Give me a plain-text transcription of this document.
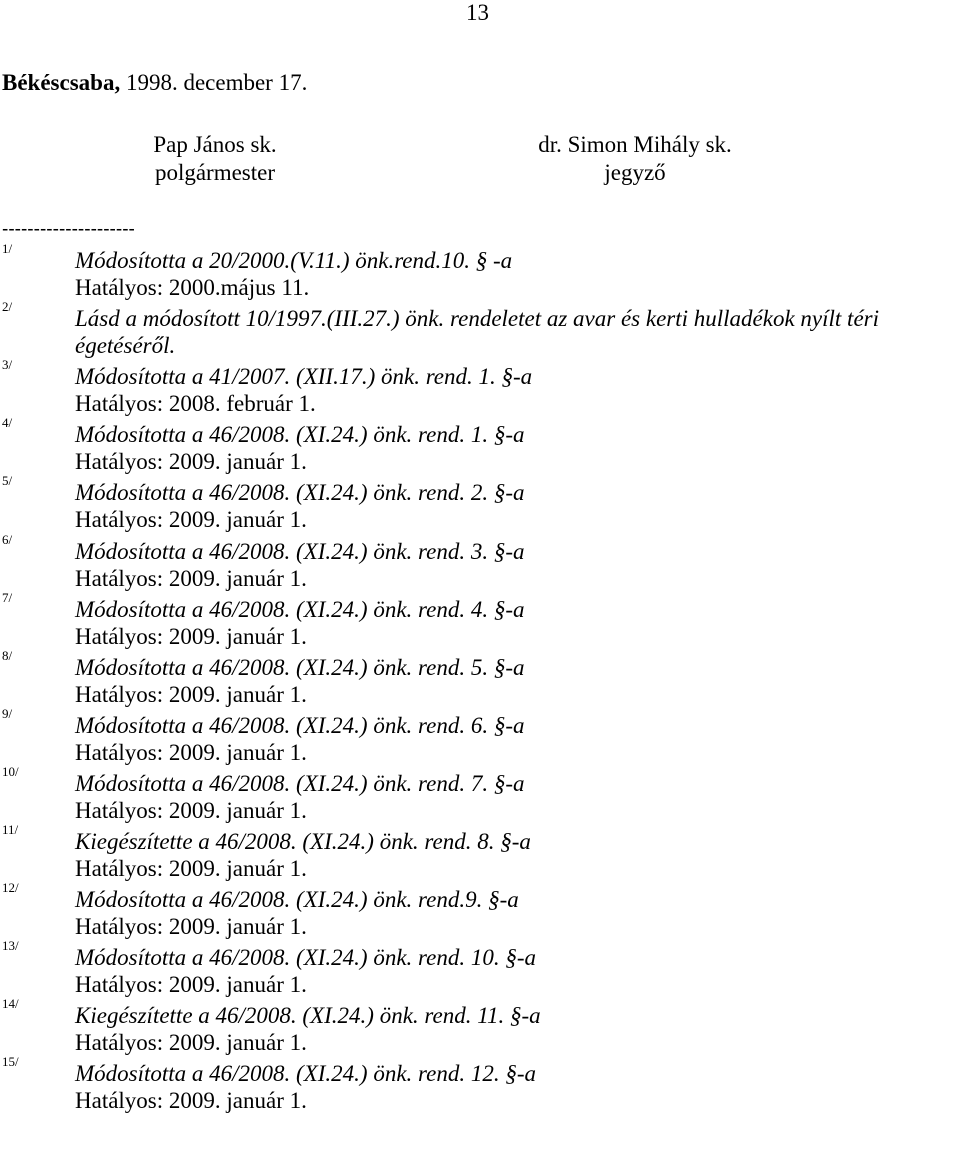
13
Békéscsaba, 1998. december 17.
Pap János sk.
polgármester
dr. Simon Mihály sk.
jegyző
---------------------
1/	Módosította a 20/2000.(V.11.) önk.rend.10. § -a
Hatályos: 2000.május 11.
2/	Lásd a módosított 10/1997.(III.27.) önk. rendeletet az avar és kerti hulladékok nyílt téri
égetéséről.
3/	Módosította a 41/2007. (XII.17.) önk. rend. 1. §-a
Hatályos: 2008. február 1.
4/	Módosította a 46/2008. (XI.24.) önk. rend. 1. §-a
Hatályos: 2009. január 1.
5/	Módosította a 46/2008. (XI.24.) önk. rend. 2. §-a
Hatályos: 2009. január 1.
6/	Módosította a 46/2008. (XI.24.) önk. rend. 3. §-a
Hatályos: 2009. január 1.
7/	Módosította a 46/2008. (XI.24.) önk. rend. 4. §-a
Hatályos: 2009. január 1.
8/	Módosította a 46/2008. (XI.24.) önk. rend. 5. §-a
Hatályos: 2009. január 1.
9/	Módosította a 46/2008. (XI.24.) önk. rend. 6. §-a
Hatályos: 2009. január 1.
10/ Módosította a 46/2008. (XI.24.) önk. rend. 7. §-a
Hatályos: 2009. január 1.
11/ Kiegészítette a 46/2008. (XI.24.) önk. rend. 8. §-a
Hatályos: 2009. január 1.
12/ Módosította a 46/2008. (XI.24.) önk. rend.9. §-a
Hatályos: 2009. január 1.
13/ Módosította a 46/2008. (XI.24.) önk. rend. 10. §-a
Hatályos: 2009. január 1.
14/ Kiegészítette a 46/2008. (XI.24.) önk. rend. 11. §-a
Hatályos: 2009. január 1.
15/ Módosította a 46/2008. (XI.24.) önk. rend. 12. §-a
Hatályos: 2009. január 1.
